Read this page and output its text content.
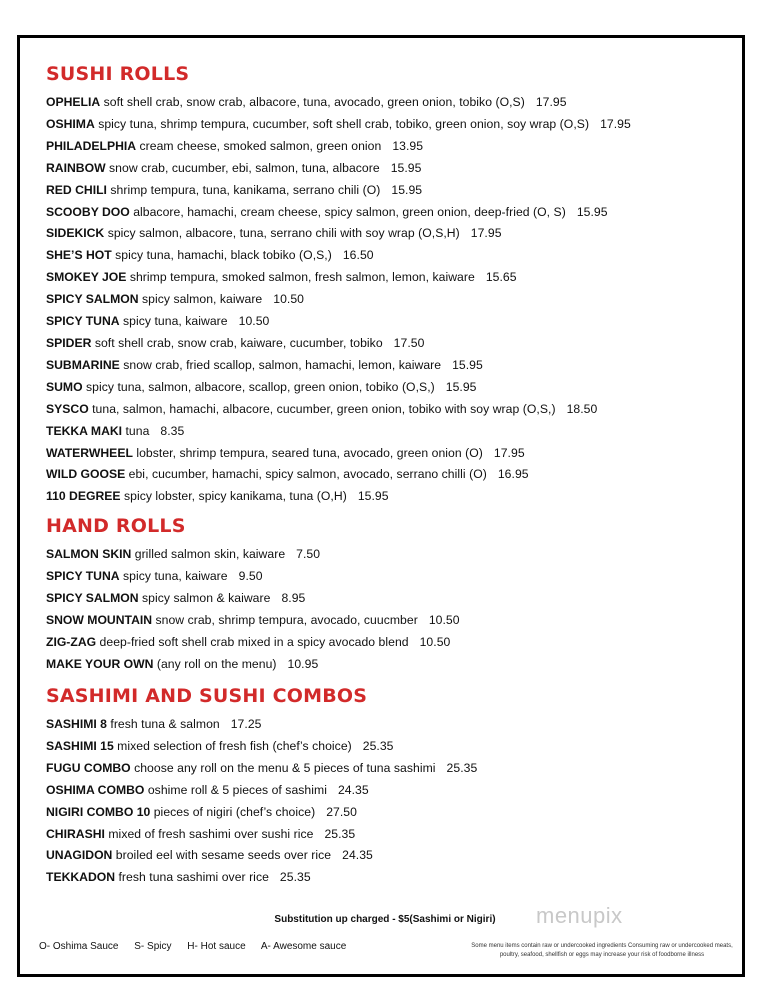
SUSHI ROLLS
OPHELIA soft shell crab, snow crab, albacore, tuna, avocado, green onion, tobiko (O,S) 17.95
OSHIMA spicy tuna, shrimp tempura, cucumber, soft shell crab, tobiko, green onion, soy wrap (O,S) 17.95
PHILADELPHIA cream cheese, smoked salmon, green onion 13.95
RAINBOW snow crab, cucumber, ebi, salmon, tuna, albacore 15.95
RED CHILI shrimp tempura, tuna, kanikama, serrano chili (O) 15.95
SCOOBY DOO albacore, hamachi, cream cheese, spicy salmon, green onion, deep-fried (O, S) 15.95
SIDEKICK spicy salmon, albacore, tuna, serrano chili with soy wrap (O,S,H) 17.95
SHE’S HOT spicy tuna, hamachi, black tobiko (O,S,) 16.50
SMOKEY JOE shrimp tempura, smoked salmon, fresh salmon, lemon, kaiware 15.65
SPICY SALMON spicy salmon, kaiware 10.50
SPICY TUNA spicy tuna, kaiware 10.50
SPIDER soft shell crab, snow crab, kaiware, cucumber, tobiko 17.50
SUBMARINE snow crab, fried scallop, salmon, hamachi, lemon, kaiware 15.95
SUMO spicy tuna, salmon, albacore, scallop, green onion, tobiko (O,S,) 15.95
SYSCO tuna, salmon, hamachi, albacore, cucumber, green onion, tobiko with soy wrap (O,S,) 18.50
TEKKA MAKI tuna 8.35
WATERWHEEL lobster, shrimp tempura, seared tuna, avocado, green onion (O) 17.95
WILD GOOSE ebi, cucumber, hamachi, spicy salmon, avocado, serrano chilli (O) 16.95
110 DEGREE spicy lobster, spicy kanikama, tuna (O,H) 15.95
HAND ROLLS
SALMON SKIN grilled salmon skin, kaiware 7.50
SPICY TUNA spicy tuna, kaiware 9.50
SPICY SALMON spicy salmon & kaiware 8.95
SNOW MOUNTAIN snow crab, shrimp tempura, avocado, cuucmber 10.50
ZIG-ZAG deep-fried soft shell crab mixed in a spicy avocado blend 10.50
MAKE YOUR OWN (any roll on the menu) 10.95
SASHIMI AND SUSHI COMBOS
SASHIMI 8 fresh tuna & salmon 17.25
SASHIMI 15 mixed selection of fresh fish (chef’s choice) 25.35
FUGU COMBO choose any roll on the menu & 5 pieces of tuna sashimi 25.35
OSHIMA COMBO oshime roll & 5 pieces of sashimi 24.35
NIGIRI COMBO 10 pieces of nigiri (chef’s choice) 27.50
CHIRASHI mixed of fresh sashimi over sushi rice 25.35
UNAGIDON broiled eel with sesame seeds over rice 24.35
TEKKADON fresh tuna sashimi over rice 25.35
menupix
Substitution up charged - $5(Sashimi or Nigiri)
O- Oshima Sauce S- Spicy H- Hot sauce A- Awesome sauce	Some menu items contain raw or undercooked ingredients Consuming raw or undercooked meats,
poultry, seafood, shellfish or eggs may increase your risk of foodborne illness
